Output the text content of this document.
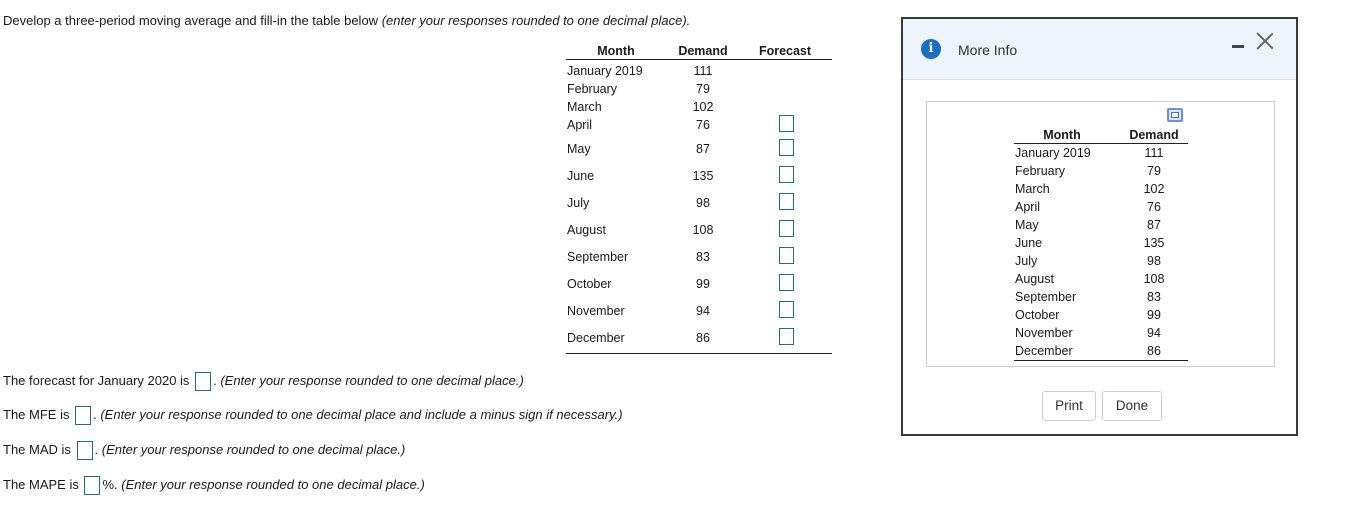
Develop a three-period moving average and fill-in the table below (enter your responses rounded to one decimal place).
Month	Demand	Forecast
January 2019	111
February	79
March	102
April	76
May	87
June	135
July	98
August	108
September	83
October	99
November	94
December	86
The forecast for January 2020 is . (Enter your response rounded to one decimal place.)
The MFE is . (Enter your response rounded to one decimal place and include a minus sign if necessary.)
The MAD is . (Enter your response rounded to one decimal place.)
The MAPE is %. (Enter your response rounded to one decimal place.)
i	More Info
Month	Demand
January 2019	111
February	79
March	102
April	76
May	87
June	135
July	98
August	108
September	83
October	99
November	94
December	86
Print	Done
